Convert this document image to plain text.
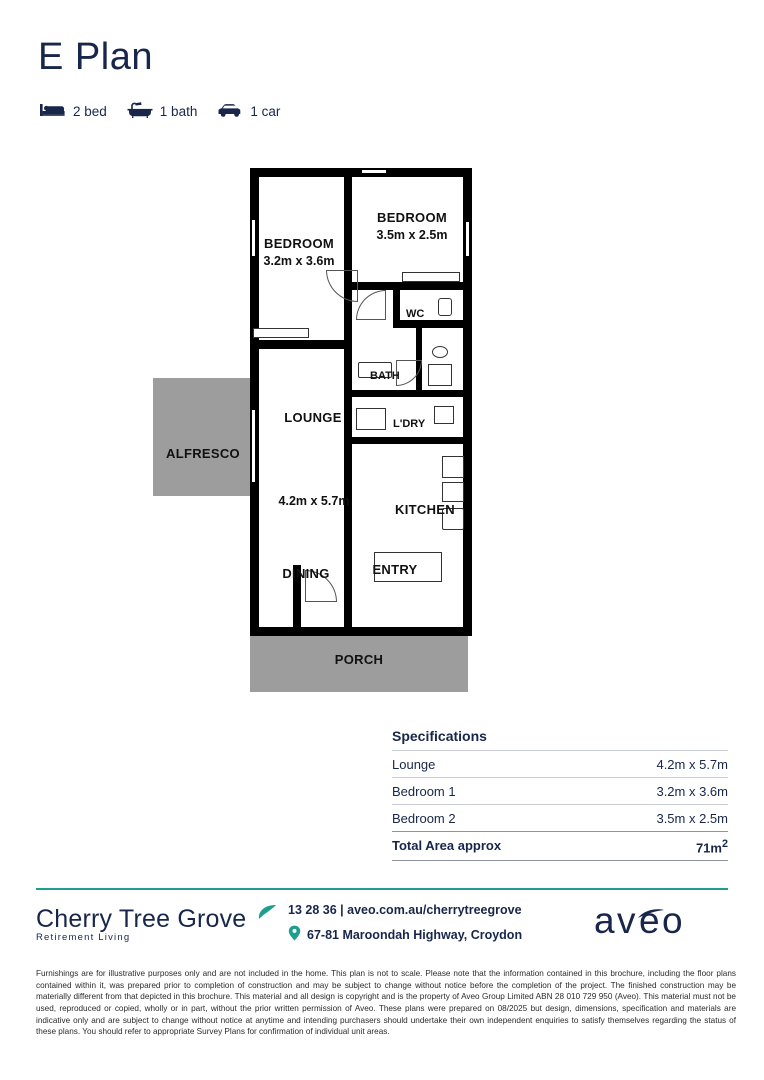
E Plan
2 bed	1 bath	1 car
ALFRESCO
PORCH
BEDROOM
3.2m x 3.6m
BEDROOM
3.5m x 2.5m
LOUNGE
4.2m x 5.7m
DINING	ENTRY
KITCHEN
BATH
WC
L'DRY
Specifications
Lounge	4.2m x 5.7m
Bedroom 1	3.2m x 3.6m
Bedroom 2	3.5m x 2.5m
Total Area approx	$71m^2$
Cherry Tree Grove
Retirement Living
13 28 36 | aveo.com.au/cherrytreegrove
67-81 Maroondah Highway, Croydon a v e o
Furnishings are for illustrative purposes only and are not included in the home. This plan is not to scale. Please note that the information contained in this brochure, including the floor plans contained within it, was prepared prior to completion of construction and may be subject to change without notice before the completion of the project. The finished construction may be materially different from that depicted in this brochure. This material and all design is copyright and is the property of Aveo Group Limited ABN 28 010 729 950 (Aveo). This material must not be used, reproduced or copied, wholly or in part, without the prior written permission of Aveo. These plans were prepared on 08/2025 but design, dimensions, specification and materials are indicative only and are subject to change without notice at anytime and intending purchasers should undertake their own independent enquiries to satisfy themselves regarding the status of these plans. You should refer to appropriate Survey Plans for confirmation of individual unit areas.
